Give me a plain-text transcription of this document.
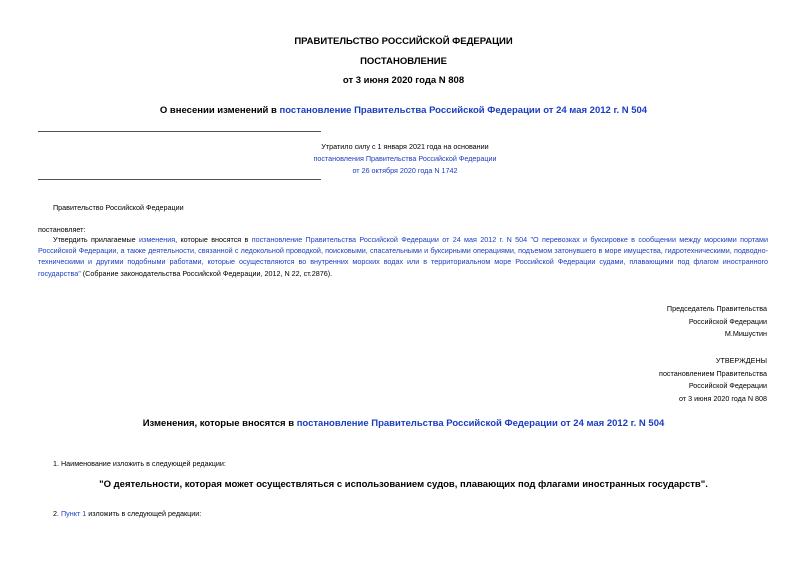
ПРАВИТЕЛЬСТВО РОССИЙСКОЙ ФЕДЕРАЦИИ
ПОСТАНОВЛЕНИЕ
от 3 июня 2020 года N 808
О внесении изменений в постановление Правительства Российской Федерации от 24 мая 2012 г. N 504
Утратило силу с 1 января 2021 года на основании
постановления Правительства Российской Федерации
от 26 октября 2020 года N 1742
Правительство Российской Федерации
постановляет:
Утвердить прилагаемые изменения, которые вносятся в постановление Правительства Российской Федерации от 24 мая 2012 г. N 504 "О перевозках и буксировке в сообщении между морскими портами Российской Федерации, а также деятельности, связанной с ледокольной проводкой, поисковыми, спасательными и буксирными операциями, подъемом затонувшего в море имущества, гидротехническими, подводно-техническими и другими подобными работами, которые осуществляются во внутренних морских водах или в территориальном море Российской Федерации судами, плавающими под флагом иностранного государства" (Собрание законодательства Российской Федерации, 2012, N 22, ст.2876).
Председатель Правительства
Российской Федерации
М.Мишустин
УТВЕРЖДЕНЫ
постановлением Правительства
Российской Федерации
от 3 июня 2020 года N 808
Изменения, которые вносятся в постановление Правительства Российской Федерации от 24 мая 2012 г. N 504
1. Наименование изложить в следующей редакции:
"О деятельности, которая может осуществляться с использованием судов, плавающих под флагами иностранных государств".
2. Пункт 1 изложить в следующей редакции:
